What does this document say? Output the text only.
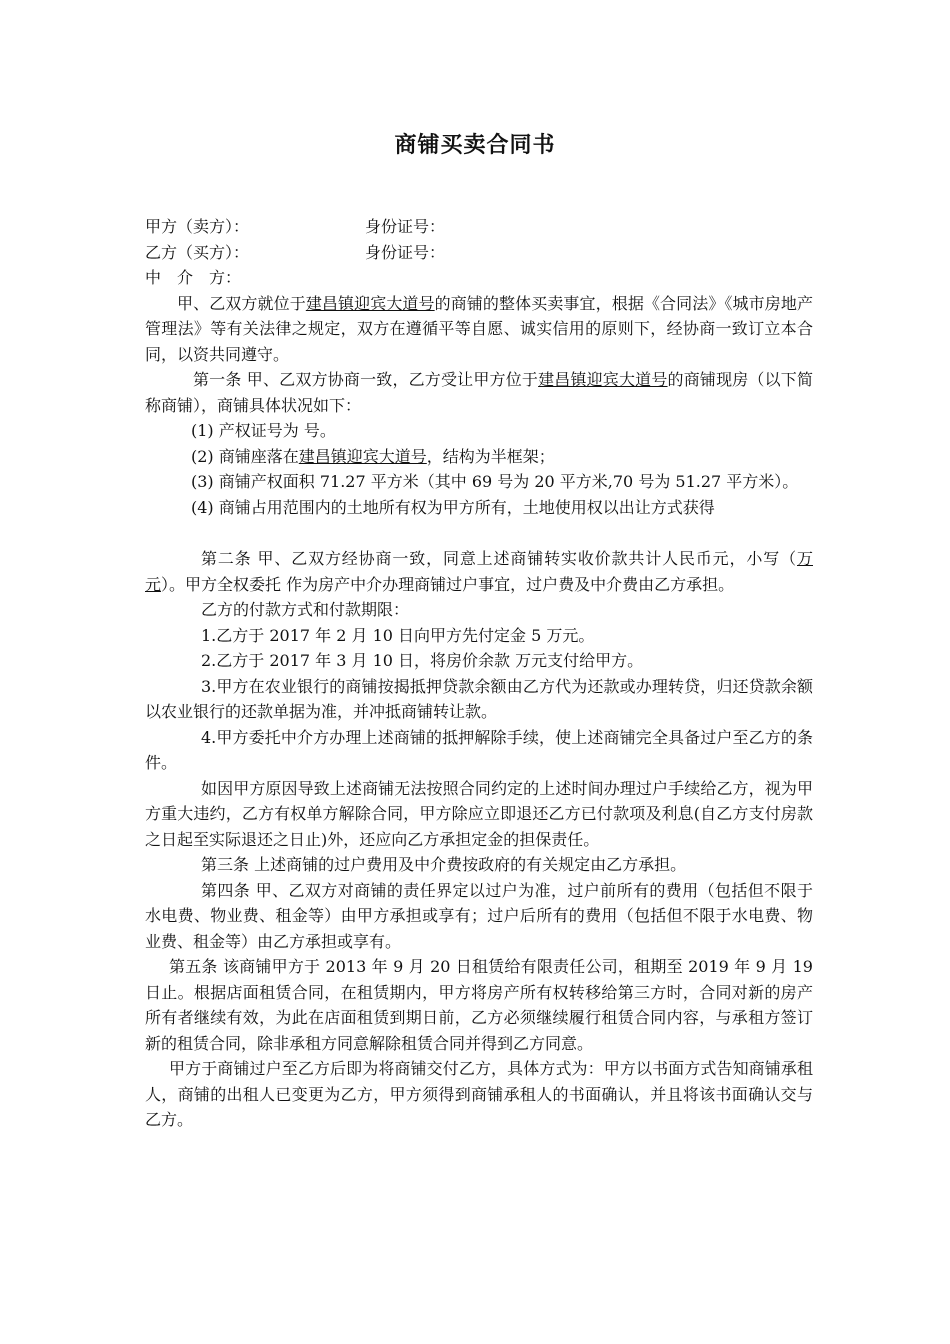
商铺买卖合同书
甲方（卖方）：	身份证号：
乙方（买方）：	身份证号：
中　介　方：

甲、乙双方就位于建昌镇迎宾大道号的商铺的整体买卖事宜，根据《合同法》《城市房地产管理法》等有关法律之规定，双方在遵循平等自愿、诚实信用的原则下，经协商一致订立本合同，以资共同遵守。

第一条 甲、乙双方协商一致，乙方受让甲方位于建昌镇迎宾大道号的商铺现房（以下简称商铺），商铺具体状况如下：

(1) 产权证号为 号。
(2) 商铺座落在建昌镇迎宾大道号，结构为半框架；

(3) 商铺产权面积 71.27 平方米（其中 69 号为 20 平方米,70 号为 51.27 平方米）。

(4) 商铺占用范围内的土地所有权为甲方所有，土地使用权以出让方式获得

第二条 甲、乙双方经协商一致，同意上述商铺转实收价款共计人民币元，小写（万元）。甲方全权委托 作为房产中介办理商铺过户事宜，过户费及中介费由乙方承担。

乙方的付款方式和付款期限：

1.乙方于 2017 年 2 月 10 日向甲方先付定金 5 万元。

2.乙方于 2017 年 3 月 10 日，将房价余款 万元支付给甲方。

3.甲方在农业银行的商铺按揭抵押贷款余额由乙方代为还款或办理转贷，归还贷款余额以农业银行的还款单据为准，并冲抵商铺转让款。

4.甲方委托中介方办理上述商铺的抵押解除手续，使上述商铺完全具备过户至乙方的条件。

如因甲方原因导致上述商铺无法按照合同约定的上述时间办理过户手续给乙方，视为甲方重大违约，乙方有权单方解除合同，甲方除应立即退还乙方已付款项及利息(自乙方支付房款之日起至实际退还之日止)外，还应向乙方承担定金的担保责任。

第三条 上述商铺的过户费用及中介费按政府的有关规定由乙方承担。

第四条 甲、乙双方对商铺的责任界定以过户为准，过户前所有的费用（包括但不限于水电费、物业费、租金等）由甲方承担或享有；过户后所有的费用（包括但不限于水电费、物业费、租金等）由乙方承担或享有。

第五条 该商铺甲方于 2013 年 9 月 20 日租赁给有限责任公司，租期至 2019 年 9 月 19 日止。根据店面租赁合同，在租赁期内，甲方将房产所有权转移给第三方时，合同对新的房产所有者继续有效，为此在店面租赁到期日前，乙方必须继续履行租赁合同内容，与承租方签订新的租赁合同，除非承租方同意解除租赁合同并得到乙方同意。

甲方于商铺过户至乙方后即为将商铺交付乙方，具体方式为：甲方以书面方式告知商铺承租人，商铺的出租人已变更为乙方，甲方须得到商铺承租人的书面确认，并且将该书面确认交与乙方。
